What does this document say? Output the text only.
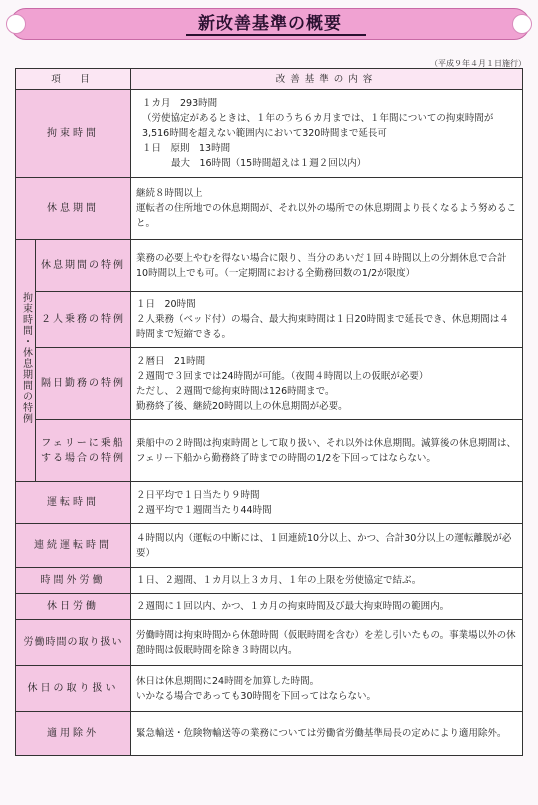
新改善基準の概要
（平成９年４月１日施行）
項　目		改善基準の内容
拘束時間		１カ月　293時間
（労使協定があるときは、１年のうち６カ月までは、１年間についての拘束時間が3,516時間を超えない範囲内において320時間まで延長可
１日　原則　13時間
最大　16時間（15時間超えは１週２回以内）

休息期間		継続８時間以上
運転者の住所地での休息期間が、それ以外の場所での休息期間より長くなるよう努めること。

拘束時間・休息期間の特例	休息期間の特例	業務の必要上やむを得ない場合に限り、当分のあいだ１回４時間以上の分割休息で合計10時間以上でも可。（一定期間における全勤務回数の1/2が限度）

	２人乗務の特例	１日　20時間
２人乗務（ベッド付）の場合、最大拘束時間は１日20時間まで延長でき、休息期間は４時間まで短縮できる。

	隔日勤務の特例	２暦日　21時間
２週間で３回までは24時間が可能。（夜間４時間以上の仮眠が必要）
ただし、２週間で総拘束時間は126時間まで。
勤務終了後、継続20時間以上の休息期間が必要。

	フェリーに乗船する場合の特例	乗船中の２時間は拘束時間として取り扱い、それ以外は休息期間。減算後の休息期間は、フェリー下船から勤務終了時までの時間の1/2を下回ってはならない。

運転時間		２日平均で１日当たり９時間
２週平均で１週間当たり44時間

連続運転時間		４時間以内（運転の中断には、１回連続10分以上、かつ、合計30分以上の運転離脱が必要）

時間外労働		１日、２週間、１カ月以上３カ月、１年の上限を労使協定で結ぶ。

休日労働		２週間に１回以内、かつ、１カ月の拘束時間及び最大拘束時間の範囲内。

労働時間の取り扱い		労働時間は拘束時間から休憩時間（仮眠時間を含む）を差し引いたもの。事業場以外の休憩時間は仮眠時間を除き３時間以内。

休日の取り扱い		休日は休息期間に24時間を加算した時間。
いかなる場合であっても30時間を下回ってはならない。

適用除外		緊急輸送・危険物輸送等の業務については労働省労働基準局長の定めにより適用除外。
